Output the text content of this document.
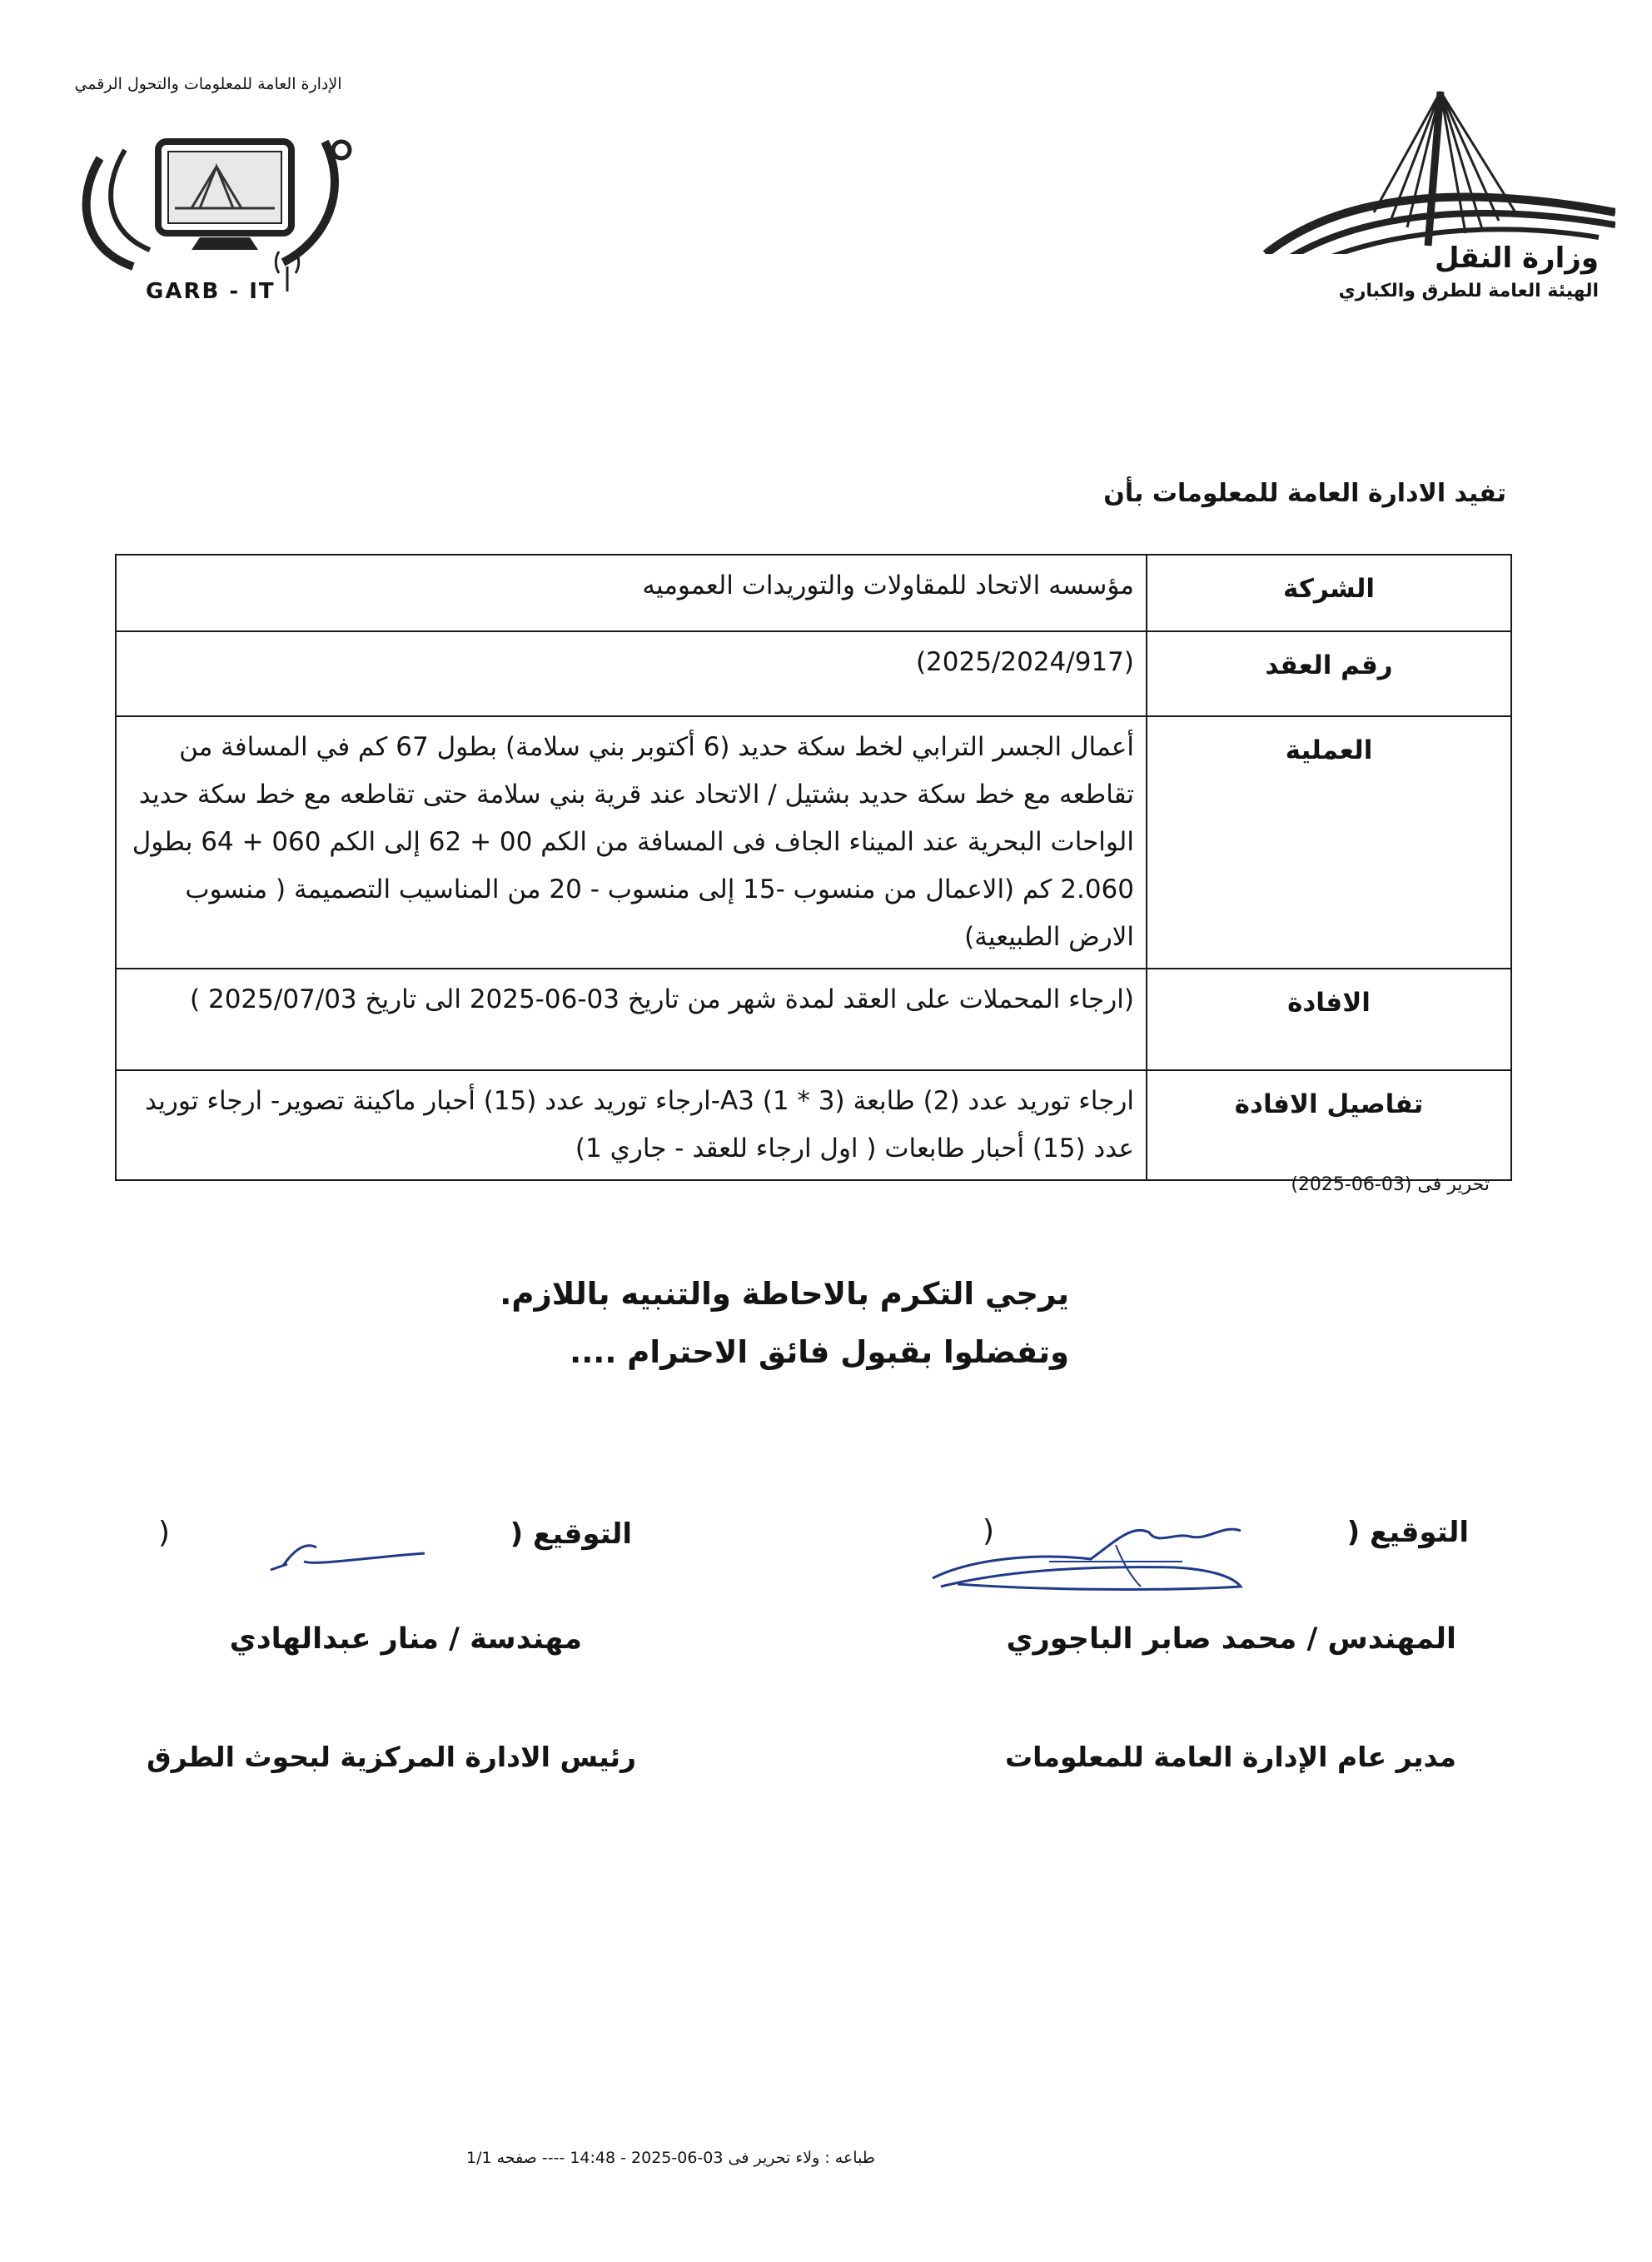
الإدارة العامة للمعلومات والتحول الرقمي
GARB - IT
وزارة النقل
الهيئة العامة للطرق والكباري
تفيد الادارة العامة للمعلومات بأن
الشركة	مؤسسه الاتحاد للمقاولات والتوريدات العموميه
رقم العقد	(2025/2024/917)
العملية	أعمال الجسر الترابي لخط سكة حديد (6 أكتوبر بني سلامة) بطول 67 كم في المسافة من تقاطعه مع خط سكة حديد بشتيل / الاتحاد عند قرية بني سلامة حتى تقاطعه مع خط سكة حديد الواحات البحرية عند الميناء الجاف فى المسافة من الكم 00 + 62 إلى الكم 060 + 64 بطول 2.060 كم (الاعمال من منسوب -15 إلى منسوب - 20 من المناسيب التصميمة ( منسوب الارض الطبيعية)
الافادة	(ارجاء المحملات على العقد لمدة شهر من تاريخ 03-06-2025 الى تاريخ 2025/07/03 )
تفاصيل الافادة	ارجاء توريد عدد (2) طابعة (3 * 1) A3-ارجاء توريد عدد (15) أحبار ماكينة تصوير- ارجاء توريد عدد (15) أحبار طابعات ( اول ارجاء للعقد - جاري 1)
تحرير فى (03-06-2025)
يرجي التكرم بالاحاطة والتنبيه باللازم.
وتفضلوا بقبول فائق الاحترام ....
التوقيع (
)
المهندس / محمد صابر الباجوري
مدير عام الإدارة العامة للمعلومات
التوقيع (
)
مهندسة / منار عبدالهادي
رئيس الادارة المركزية لبحوث الطرق
طباعه : ولاء تحرير فى 03-06-2025 - 14:48 ---- صفحه 1/1
